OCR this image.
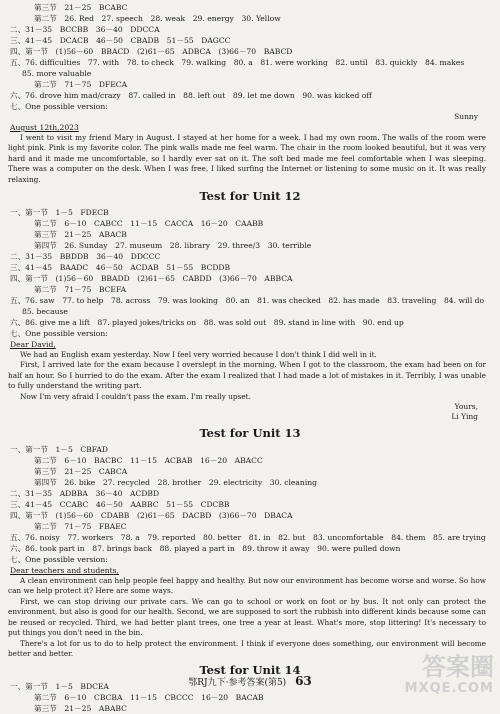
第三节　21－25　BCABC
第二节　26. Red　27. speech　28. weak　29. energy　30. Yellow
二、31－35　BCCBB　36－40　DDCCA
三、41－45　DCACB　46－50　CBADB　51－55　DAGCC
四、第一节　(1)56－60　BBACD　(2)61－65　ADBCA　(3)66－70　BABCD
五、76. difficulties　77. with　78. to check　79. walking　80. a　81. were working　82. until　83. quickly　84. makes
85. more valuable
第二节　71－75　DFECA
六、76. drove him mad/crazy　87. called in　88. left out　89. let me down　90. was kicked off
七、One possible version:
Sunny
August 12th,2023
I went to visit my friend Mary in August. I stayed at her home for a week. I had my own room. The walls of the room were light pink. Pink is my favorite color. The pink walls made me feel warm. The chair in the room looked beautiful, but it was very hard and it made me uncomfortable, so I hardly ever sat on it. The soft bed made me feel comfortable when I was sleeping. There was a computer on the desk. When I was free, I liked surfing the Internet or listening to some music on it. It was really relaxing.
Test for Unit 12
一、第一节　1－5　FDECB
第二节　6－10　CABCC　11－15　CACCA　16－20　CAABB
第三节　21－25　ABACB
第四节　26. Sunday　27. museum　28. library　29. three/3　30. terrible
二、31－35　BBDDB　36－40　DDCCC
三、41－45　BAADC　46－50　ACDAB　51－55　BCDDB
四、第一节　(1)56－60　BBADD　(2)61－65　CABDD　(3)66－70　ABBCA
第二节　71－75　BCEFA
五、76. saw　77. to help　78. across　79. was looking　80. an　81. was checked　82. has made　83. traveling　84. will do
85. because
六、86. give me a lift　87. played jokes/tricks on　88. was sold out　89. stand in line with　90. end up
七、One possible version:
Dear David,
We had an English exam yesterday. Now I feel very worried because I don't think I did well in it.
First, I arrived late for the exam because I overslept in the morning. When I got to the classroom, the exam had been on for half an hour. So I hurried to do the exam. After the exam I realized that I had made a lot of mistakes in it. Terribly, I was unable to fully understand the writing part.
Now I'm very afraid I couldn't pass the exam. I'm really upset.
Yours,
Li Ying
Test for Unit 13
一、第一节　1－5　CBFAD
第二节　6－10　BACBC　11－15　ACBAB　16－20　ABACC
第三节　21－25　CABCA
第四节　26. bike　27. recycled　28. brother　29. electricity　30. cleaning
二、31－35　ADBBA　36－40　ACDBD
三、41－45　CCABC　46－50　AABBC　51－55　CDCBB
四、第一节　(1)56－60　CDABB　(2)61－65　DACBD　(3)66－70　DBACA
第二节　71－75　FBAEC
五、76. noisy　77. workers　78. a　79. reported　80. better　81. in　82. but　83. uncomfortable　84. them　85. are trying
六、86. took part in　87. brings back　88. played a part in　89. throw it away　90. were pulled down
七、One possible version:
Dear teachers and students,
A clean environment can help people feel happy and healthy. But now our environment has become worse and worse. So how can we help protect it? Here are some ways.
First, we can stop driving our private cars. We can go to school or work on foot or by bus. It not only can protect the environment, but also is good for our health. Second, we are supposed to sort the rubbish into different kinds because some can be reused or recycled. Third, we had better plant trees, one tree a year at least. What's more, stop littering! It's necessary to put things you don't need in the bin.
There's a lot for us to do to help protect the environment. I think if everyone does something, our environment will become better and better.
Test for Unit 14
一、第一节　1－5　BDCEA
第二节　6－10　CBCBA　11－15　CBCCC　16－20　BACAB
第三节　21－25　ABABC
鄂RJ九下·参考答案(第5) 63	答案圈
MXQE.COM
